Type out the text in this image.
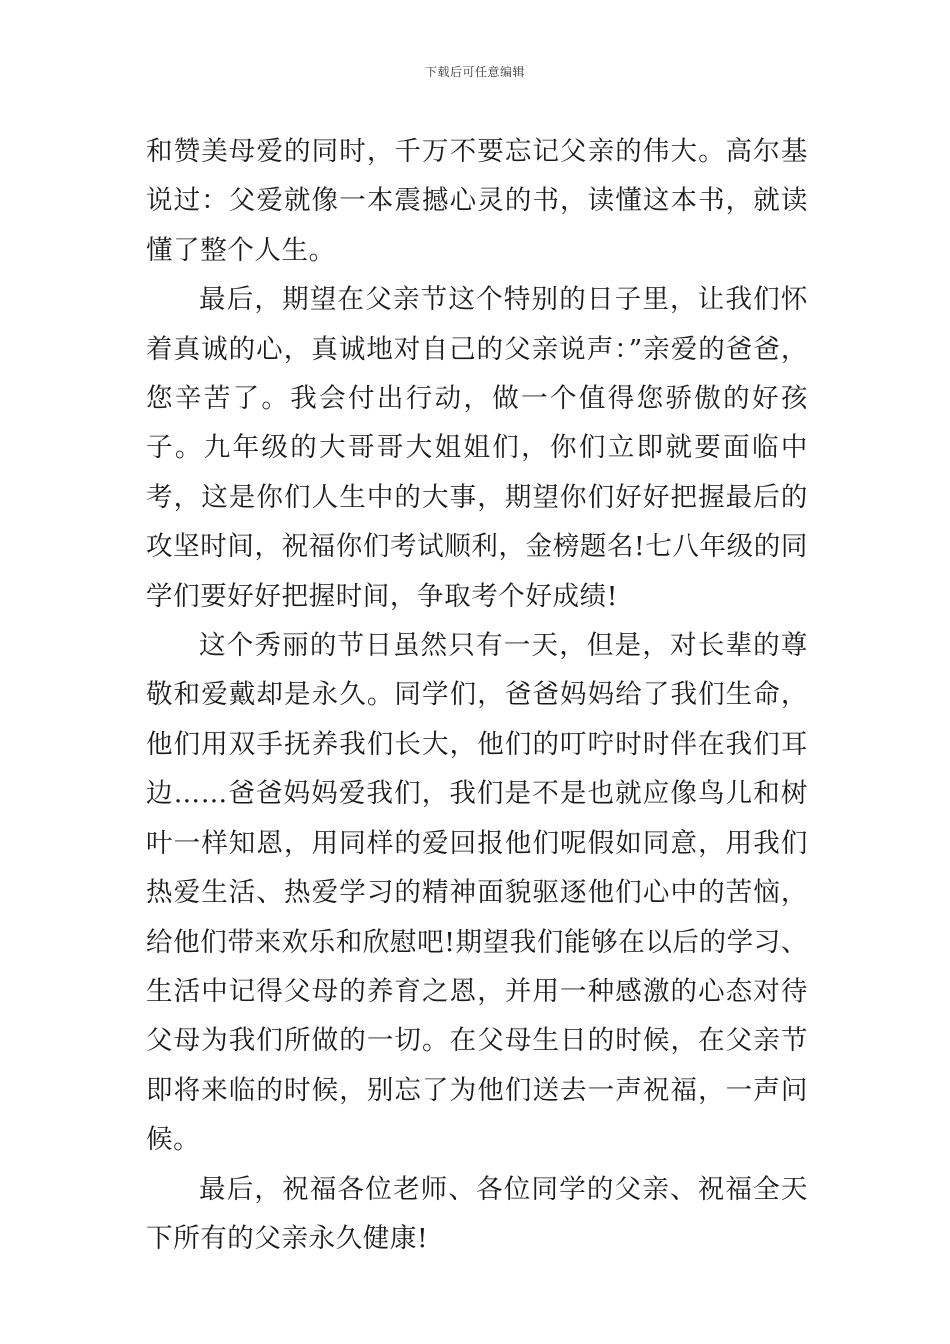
下载后可任意编辑

和赞美母爱的同时，千万不要忘记父亲的伟大。高尔基说过：父爱就像一本震撼心灵的书，读懂这本书，就读懂了整个人生。

最后，期望在父亲节这个特别的日子里，让我们怀着真诚的心，真诚地对自己的父亲说声：”亲爱的爸爸，您辛苦了。我会付出行动，做一个值得您骄傲的好孩子。九年级的大哥哥大姐姐们，你们立即就要面临中考，这是你们人生中的大事，期望你们好好把握最后的攻坚时间，祝福你们考试顺利，金榜题名!七八年级的同学们要好好把握时间，争取考个好成绩!

这个秀丽的节日虽然只有一天，但是，对长辈的尊敬和爱戴却是永久。同学们，爸爸妈妈给了我们生命，他们用双手抚养我们长大，他们的叮咛时时伴在我们耳边……爸爸妈妈爱我们，我们是不是也就应像鸟儿和树叶一样知恩，用同样的爱回报他们呢假如同意，用我们热爱生活、热爱学习的精神面貌驱逐他们心中的苦恼，给他们带来欢乐和欣慰吧!期望我们能够在以后的学习、生活中记得父母的养育之恩，并用一种感激的心态对待父母为我们所做的一切。在父母生日的时候，在父亲节即将来临的时候，别忘了为他们送去一声祝福，一声问候。

最后，祝福各位老师、各位同学的父亲、祝福全天下所有的父亲永久健康!
